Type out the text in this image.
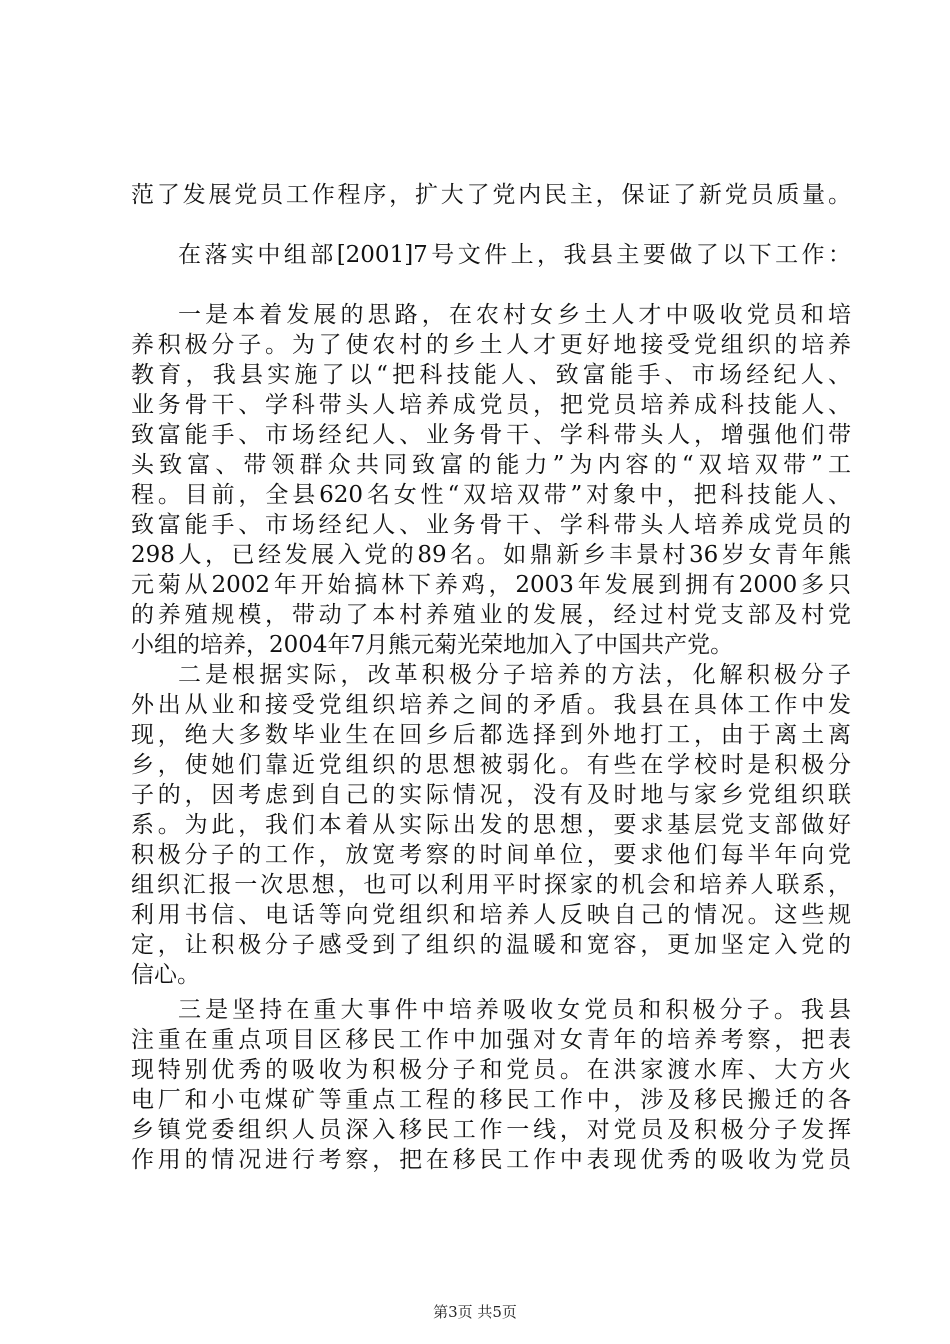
范了发展党员工作程序，扩大了党内民主，保证了新党员质量。
在落实中组部[2001]7号文件上，我县主要做了以下工作：
一是本着发展的思路，在农村女乡土人才中吸收党员和培
养积极分子。为了使农村的乡土人才更好地接受党组织的培养
教育，我县实施了以“把科技能人、致富能手、市场经纪人、
业务骨干、学科带头人培养成党员，把党员培养成科技能人、
致富能手、市场经纪人、业务骨干、学科带头人，增强他们带
头致富、带领群众共同致富的能力”为内容的“双培双带”工
程。目前，全县620名女性“双培双带”对象中，把科技能人、
致富能手、市场经纪人、业务骨干、学科带头人培养成党员的
298人，已经发展入党的89名。如鼎新乡丰景村36岁女青年熊
元菊从2002年开始搞林下养鸡，2003年发展到拥有2000多只
的养殖规模，带动了本村养殖业的发展，经过村党支部及村党
小组的培养，2004年7月熊元菊光荣地加入了中国共产党。
二是根据实际，改革积极分子培养的方法，化解积极分子
外出从业和接受党组织培养之间的矛盾。我县在具体工作中发
现，绝大多数毕业生在回乡后都选择到外地打工，由于离土离
乡，使她们靠近党组织的思想被弱化。有些在学校时是积极分
子的，因考虑到自己的实际情况，没有及时地与家乡党组织联
系。为此，我们本着从实际出发的思想，要求基层党支部做好
积极分子的工作，放宽考察的时间单位，要求他们每半年向党
组织汇报一次思想，也可以利用平时探家的机会和培养人联系，
利用书信、电话等向党组织和培养人反映自己的情况。这些规
定，让积极分子感受到了组织的温暖和宽容，更加坚定入党的
信心。
三是坚持在重大事件中培养吸收女党员和积极分子。我县
注重在重点项目区移民工作中加强对女青年的培养考察，把表
现特别优秀的吸收为积极分子和党员。在洪家渡水库、大方火
电厂和小屯煤矿等重点工程的移民工作中，涉及移民搬迁的各
乡镇党委组织人员深入移民工作一线，对党员及积极分子发挥
作用的情况进行考察，把在移民工作中表现优秀的吸收为党员
第3页 共5页
